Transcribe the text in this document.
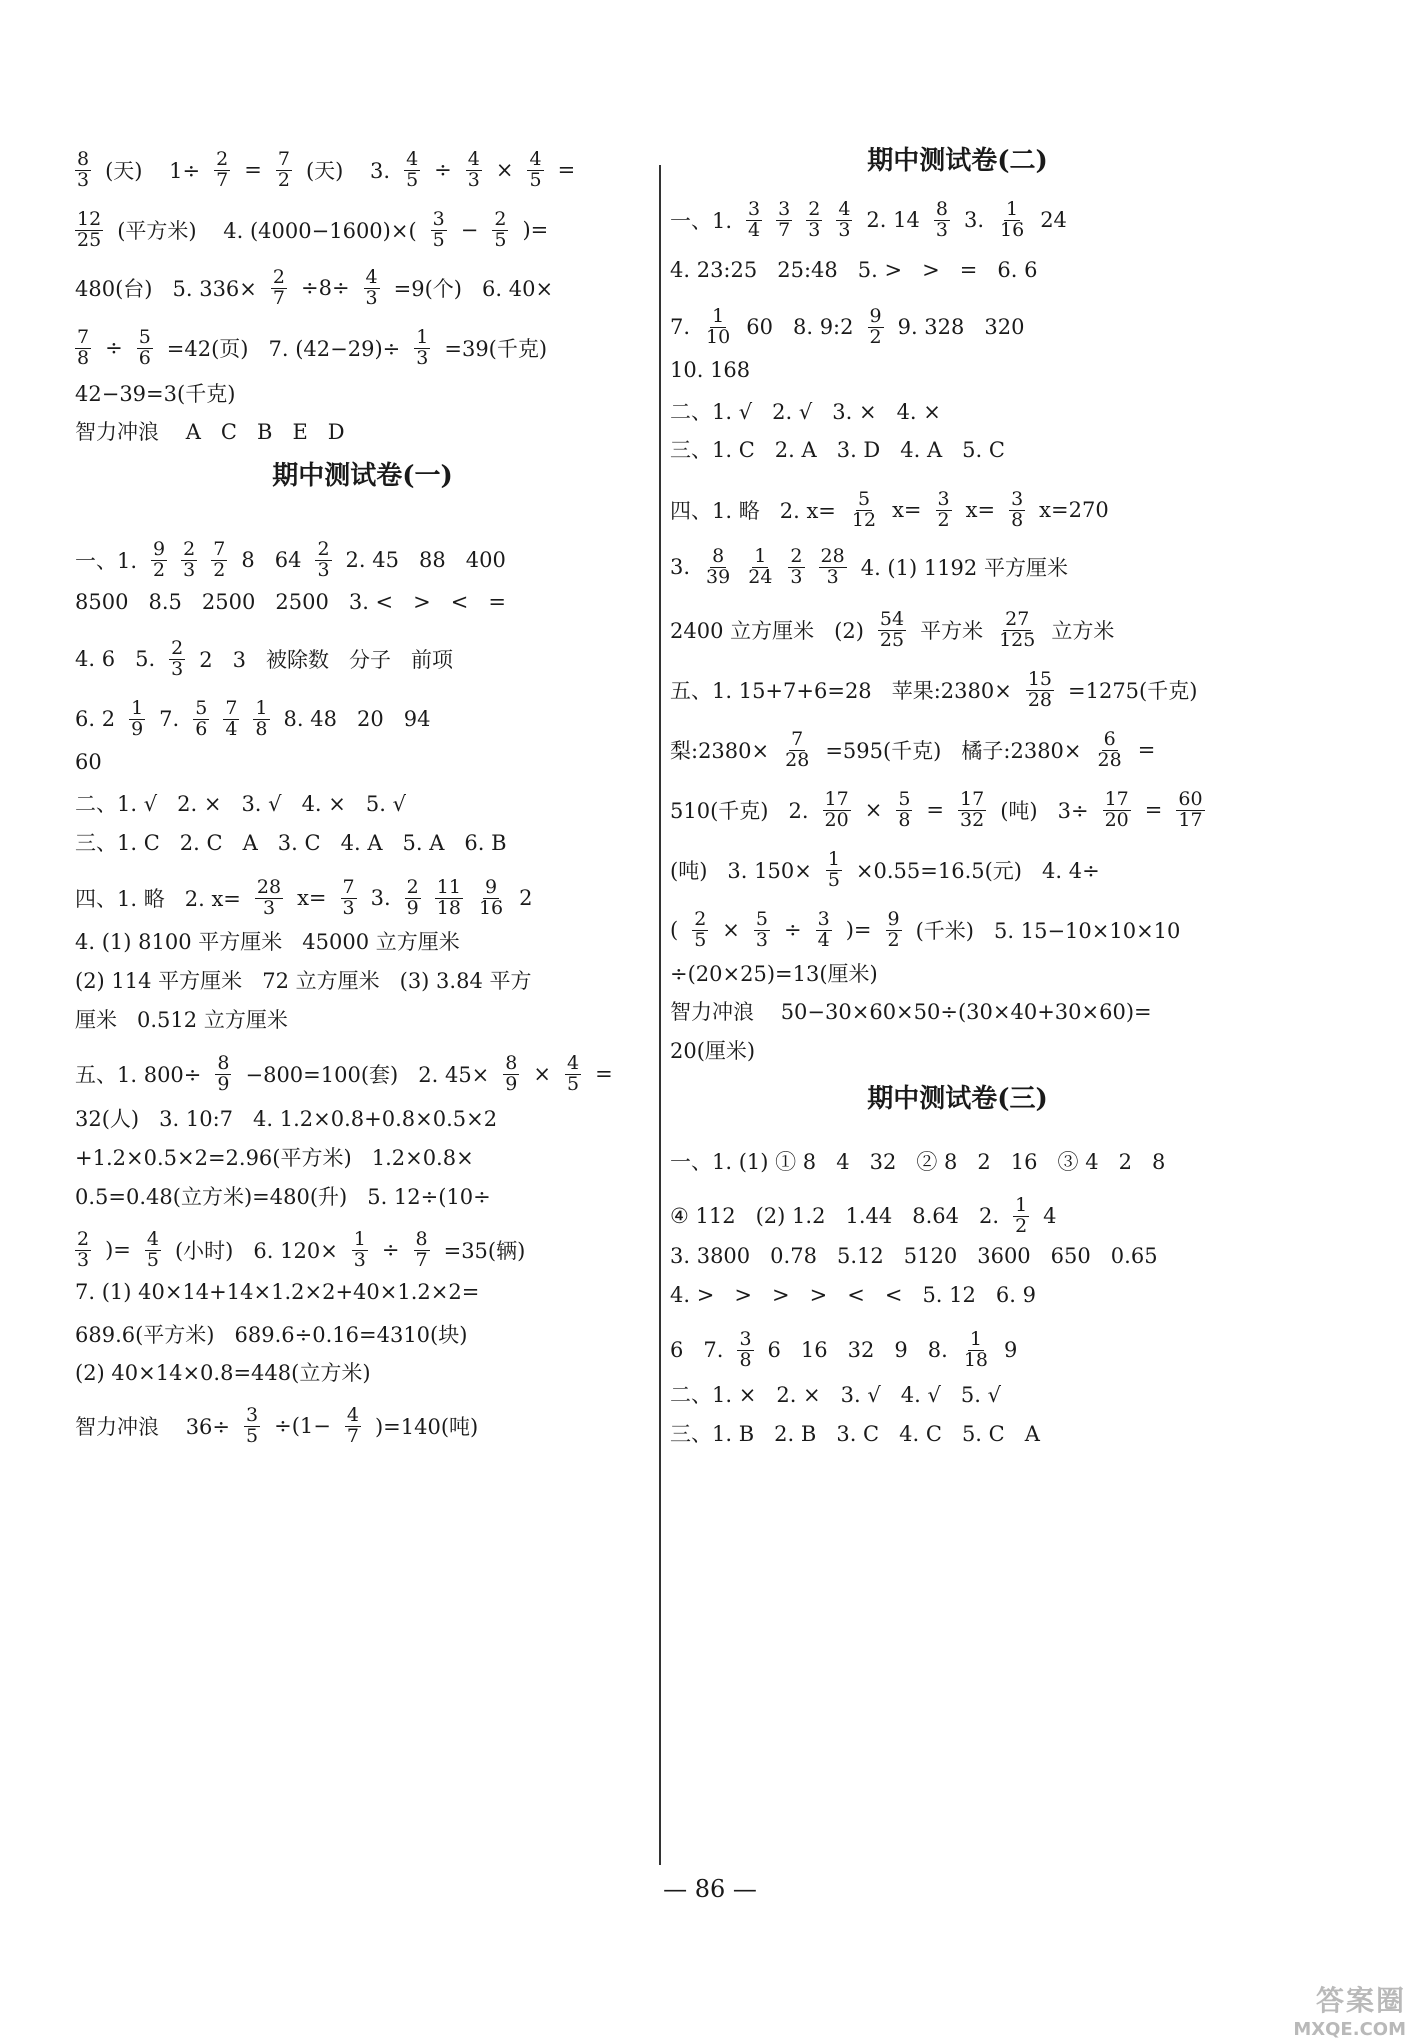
期中测试卷(一)
$\frac{8}{3}$ (天)    $1\div \frac{2}{7} = \frac{7}{2}$ (天)    3. $\frac{4}{5} \div \frac{4}{3} \times \frac{4}{5}$ =
$\frac{12}{25}$ (平方米)    4. $(4000-1600)\times( \frac{3}{5} - \frac{2}{5}$ )=
480(台)   5. $336\times \frac{2}{7} \div 8\div \frac{4}{3} =9$(个)   6. 40×
$\frac{7}{8} \div \frac{5}{6} =42$(页)   7. $(42-29)\div \frac{1}{3} =39$(千克)
42−39=3(千克)
智力冲浪    A   C   B   E   D
一、1. $\frac{9}{2} \frac{2}{3} \frac{7}{2} 8$   $64 \frac{2}{3} 2$. 45   88   400
8500   8.5   2500   2500   3. <   >   <   =
4. 6   5. $\frac{2}{3} 2$   3   被除数   分子   前项
6. $2 \frac{1}{9} 7$. $\frac{5}{6} \frac{7}{4} \frac{1}{8} 8$. 48   20   94
60
二、1. √   2. ×   3. √   4. ×   5. √
三、1. C   2. C   A   3. C   4. A   5. A   6. B
四、1. 略   2. $x= \frac{28}{3} x= \frac{7}{3} 3$. $\frac{2}{9} \frac{11}{18} \frac{9}{16} 2$
4. (1) 8100 平方厘米   45000 立方厘米
(2) 114 平方厘米   72 立方厘米   (3) 3.84 平方
厘米   0.512 立方厘米
五、1. $800\div \frac{8}{9} -800=100$(套)   2. $45\times \frac{8}{9} \times \frac{4}{5}$ =
32(人)   3. 10:7   4. 1.2×0.8+0.8×0.5×2
+1.2×0.5×2=2.96(平方米)   1.2×0.8×
0.5=0.48(立方米)=480(升)   5. 12÷(10÷
$\frac{2}{3}$ )= $\frac{4}{5}$ (小时)   6. $120\times \frac{1}{3} \div \frac{8}{7} =35$(辆)
7. (1) 40×14+14×1.2×2+40×1.2×2=
689.6(平方米)   689.6÷0.16=4310(块)
(2) 40×14×0.8=448(立方米)
智力冲浪    $36\div \frac{3}{5} \div(1- \frac{4}{7} )=140$(吨)
期中测试卷(二)
期中测试卷(三)
一、1. $\frac{3}{4} \frac{3}{7} \frac{2}{3} \frac{4}{3} 2$. $14 \frac{8}{3} 3$. $\frac{1}{16} 24$
4. 23:25   25:48   5. >   >   =   6. 6
7. $\frac{1}{10} 60$   8. 9:2 $\frac{9}{2} 9$. 328   320
10. 168
二、1. √   2. √   3. ×   4. ×
三、1. C   2. A   3. D   4. A   5. C
四、1. 略   2. $x= \frac{5}{12} x= \frac{3}{2} x= \frac{3}{8} x=270$
3. $\frac{8}{39} \frac{1}{24} \frac{2}{3} \frac{28}{3} 4$. (1) 1192 平方厘米
2400 立方厘米   $(2) \frac{54}{25}$ 平方米 $\frac{27}{125}$ 立方米
五、1. 15+7+6=28   苹果:2380× $\frac{15}{28} =1275$(千克)
梨:2380× $\frac{7}{28} =595$(千克)   橘子:2380× $\frac{6}{28}$ =
510(千克)   2. $\frac{17}{20} \times \frac{5}{8} = \frac{17}{32}$ (吨)   $3\div \frac{17}{20} = \frac{60}{17}$
(吨)   3. $150\times \frac{1}{5} \times 0.55=16.5$(元)   4. 4÷
( $\frac{2}{5} \times \frac{5}{3} \div \frac{3}{4}$ )= $\frac{9}{2}$ (千米)   5. 15−10×10×10
÷(20×25)=13(厘米)
智力冲浪    50−30×60×50÷(30×40+30×60)=
20(厘米)
一、1. (1) ① 8   4   32   ② 8   2   16   ③ 4   2   8
④ 112   (2) 1.2   1.44   8.64   2. $\frac{1}{2} 4$
3. 3800   0.78   5.12   5120   3600   650   0.65
4. >   >   >   >   <   <   5. 12   6. 9
6   7. $\frac{3}{8} 6$   16   32   9   8. $\frac{1}{18} 9$
二、1. ×   2. ×   3. √   4. √   5. √
三、1. B   2. B   3. C   4. C   5. C   A
— 86 —
答案圈
MXQE.COM
